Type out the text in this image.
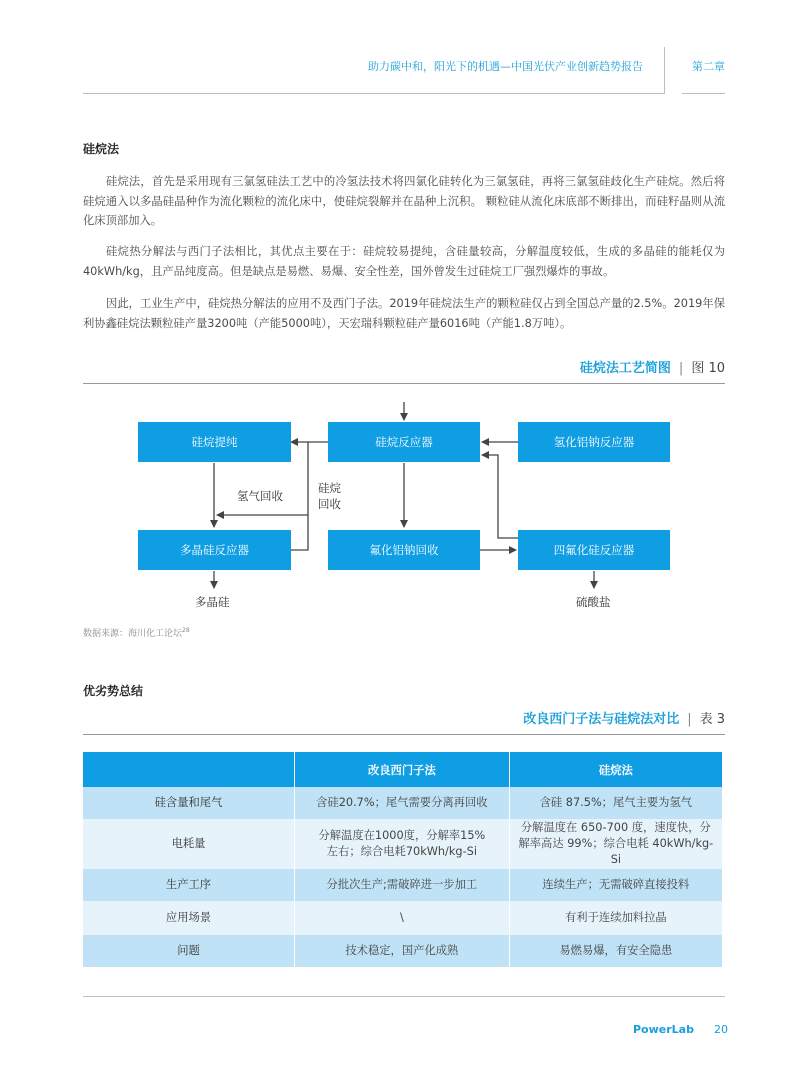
助力碳中和，阳光下的机遇—中国光伏产业创新趋势报告	第二章
硅烷法

硅烷法，首先是采用现有三氯氢硅法工艺中的冷氢法技术将四氯化硅转化为三氯氢硅，再将三氯氢硅歧化生产硅烷。然后将硅烷通入以多晶硅晶种作为流化颗粒的流化床中，使硅烷裂解并在晶种上沉积。 颗粒硅从流化床底部不断排出，而硅籽晶则从流化床顶部加入。

硅烷热分解法与西门子法相比，其优点主要在于：硅烷较易提纯，含硅量较高，分解温度较低，生成的多晶硅的能耗仅为40kWh/kg，且产品纯度高。但是缺点是易燃、易爆、安全性差，国外曾发生过硅烷工厂强烈爆炸的事故。

因此，工业生产中，硅烷热分解法的应用不及西门子法。2019年硅烷法生产的颗粒硅仅占到全国总产量的2.5%。2019年保利协鑫硅烷法颗粒硅产量3200吨（产能5000吨），天宏瑞科颗粒硅产量6016吨（产能1.8万吨）。

硅烷法工艺简图 | 图 10
硅烷提纯	硅烷反应器	氢化铝钠反应器
多晶硅反应器	氟化铝钠回收	四氟化硅反应器
氢气回收
硅烷
回收
多晶硅	硫酸盐
数据来源：海川化工论坛$^{28}$
优劣势总结
改良西门子法与硅烷法对比 | 表 3
	改良西门子法	硅烷法
硅含量和尾气	含硅20.7%；尾气需要分离再回收	含硅 87.5%；尾气主要为氢气
电耗量	分解温度在1000度，分解率15%左右；综合电耗70kWh/kg-Si	分解温度在 650-700 度，速度快，分解率高达 99%；综合电耗 40kWh/kg-Si
生产工序	分批次生产;需破碎进一步加工	连续生产；无需破碎直接投料
应用场景	\	有利于连续加料拉晶
问题	技术稳定，国产化成熟	易燃易爆，有安全隐患
PowerLab 20
